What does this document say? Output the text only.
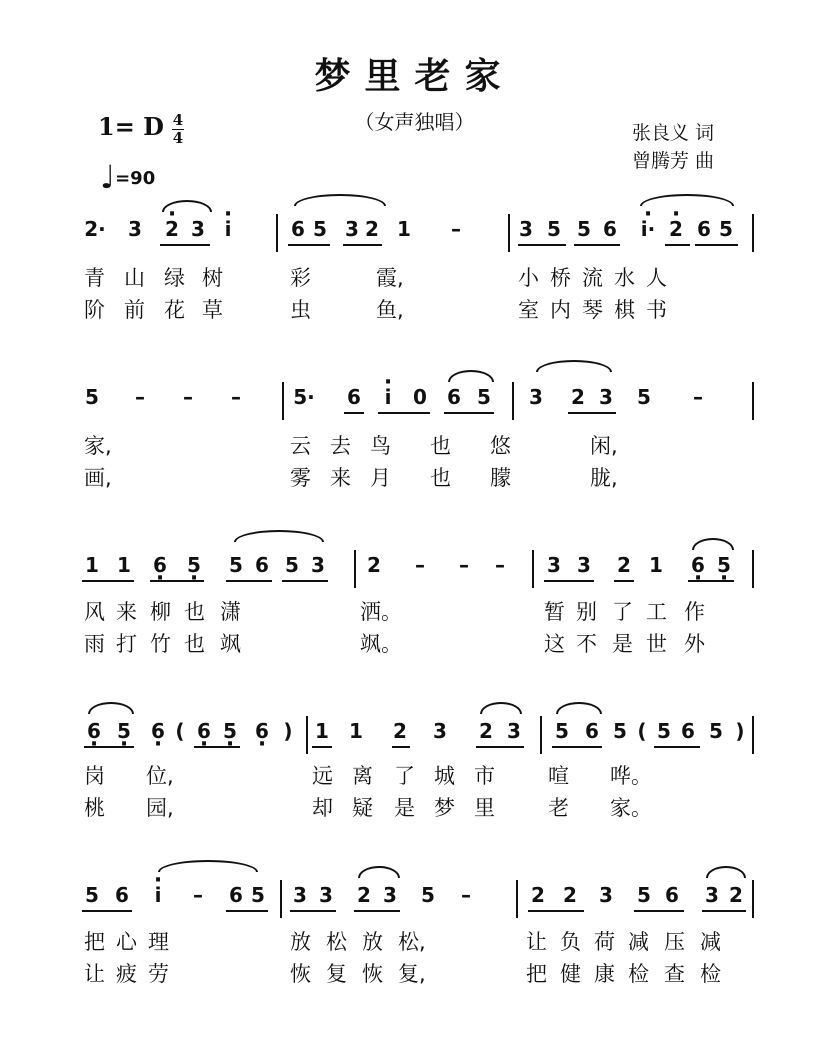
梦里老家
（女声独唱）
1= D 4
4
♩=90
张良义 词
曾腾芳 曲
2· 3 · 2 3 · i	6 5 3 2 1 –	3 5 5 6 · i· · 2 6 5
青 山 绿 树	彩	霞,	小 桥 流 水 人
阶 前 花 草	虫	鱼,	室 内 琴 棋 书
5 – – –	5· 6 · i 0 6 5 3 2 3 5 –
家,	云 去 鸟 也 悠	闲,
画,	雾 来 月 也 朦	胧,
1 1 6 · 5 · 5 6 5 3 2 – – – 3 3 2 1 6 · 5 ·
风 来 柳 也 潇	洒。	暂 别 了 工 作
雨 打 竹 也 飒	飒。	这 不 是 世 外
6 · 5 · 6 · ( 6 · 5 · 6 · ) 1 1 2 3 2 3 5 6 5 ( 5 6 5 )
岗 位,	远 离 了 城 市	喧 哗。
桃 园,	却 疑 是 梦 里	老 家。
5 6 · i – 6 5 3 3 2 3 5 –	2 2 3 5 6 3 2
把 心 理	放 松 放 松,	让 负 荷 减 压 减
让 疲 劳	恢 复 恢 复,	把 健 康 检 查 检
